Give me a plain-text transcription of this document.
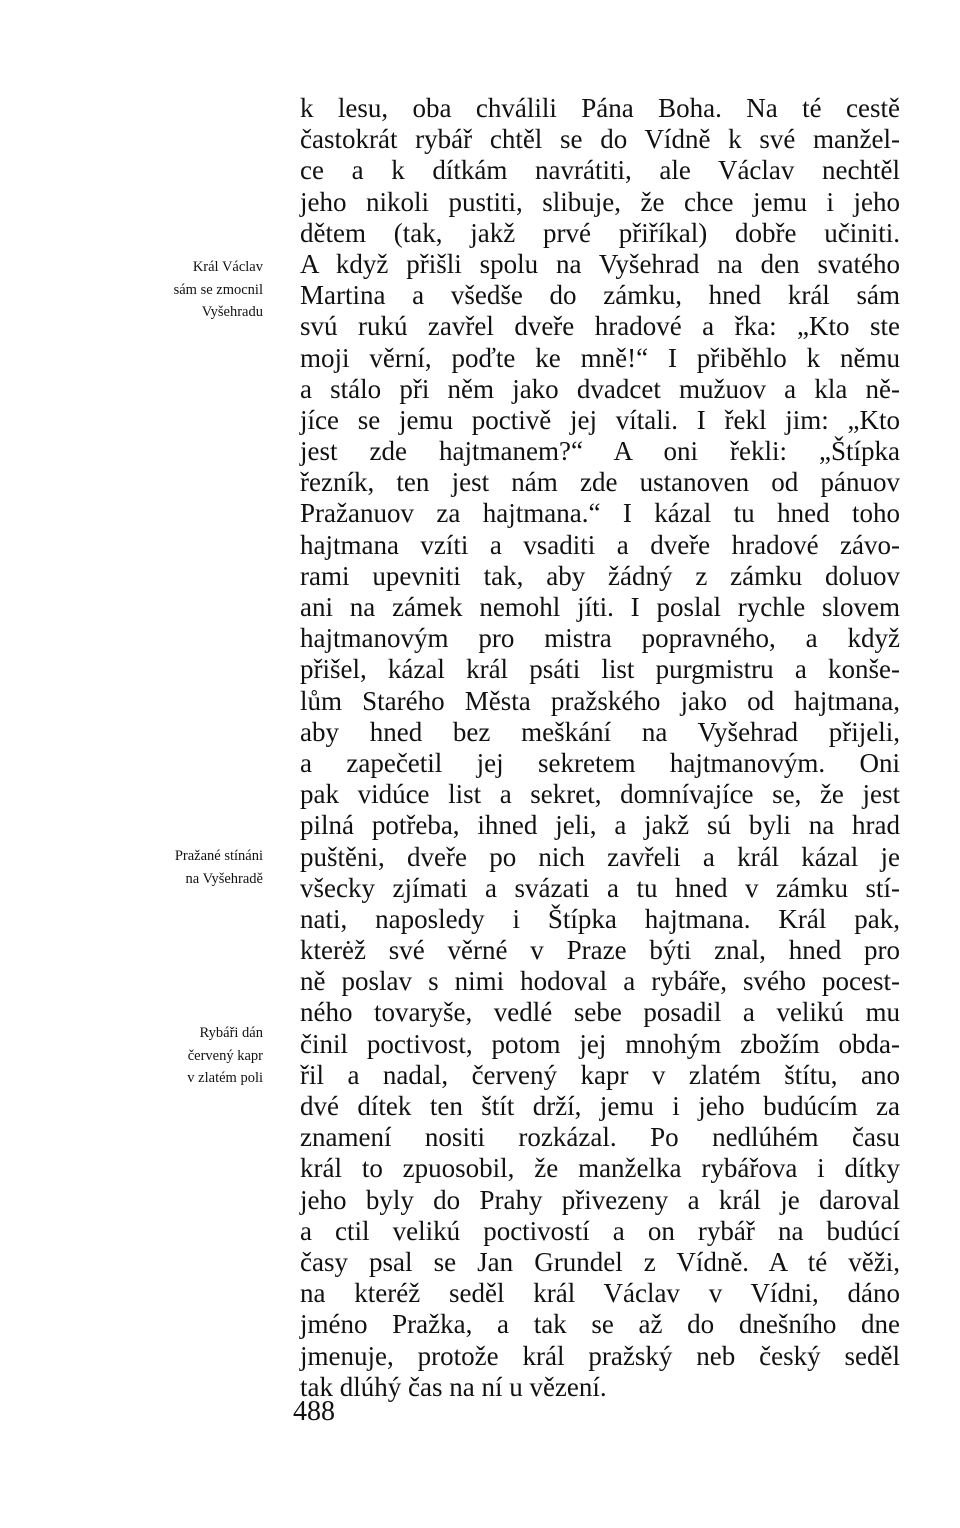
Král Václav
sám se zmocnil
Vyšehradu
Pražané stínáni
na Vyšehradě
Rybáři dán
červený kapr
v zlatém poli
k lesu, oba chválili Pána Boha. Na té cestě
častokrát rybář chtěl se do Vídně k své manžel-
ce a k dítkám navrátiti, ale Václav nechtěl
jeho nikoli pustiti, slibuje, že chce jemu i jeho
dětem (tak, jakž prvé přiříkal) dobře učiniti.
A když přišli spolu na Vyšehrad na den svatého
Martina a všedše do zámku, hned král sám
svú rukú zavřel dveře hradové a řka: „Kto ste
moji věrní, poďte ke mně!“ I přiběhlo k němu
a stálo při něm jako dvadcet mužuov a kla ně-
jíce se jemu poctivě jej vítali. I řekl jim: „Kto
jest zde hajtmanem?“ A oni řekli: „Štípka
řezník, ten jest nám zde ustanoven od pánuov
Pražanuov za hajtmana.“ I kázal tu hned toho
hajtmana vzíti a vsaditi a dveře hradové závo-
rami upevniti tak, aby žádný z zámku doluov
ani na zámek nemohl jíti. I poslal rychle slovem
hajtmanovým pro mistra popravného, a když
přišel, kázal král psáti list purgmistru a konše-
lům Starého Města pražského jako od hajtmana,
aby hned bez meškání na Vyšehrad přijeli,
a zapečetil jej sekretem hajtmanovým. Oni
pak vidúce list a sekret, domnívajíce se, že jest
pilná potřeba, ihned jeli, a jakž sú byli na hrad
puštěni, dveře po nich zavřeli a král kázal je
všecky zjímati a svázati a tu hned v zámku stí-
nati, naposledy i Štípka hajtmana. Král pak,
kterėž své věrné v Praze býti znal, hned pro
ně poslav s nimi hodoval a rybáře, svého pocest-
ného tovaryše, vedlé sebe posadil a velikú mu
činil poctivost, potom jej mnohým zbožím obda-
řil a nadal, červený kapr v zlatém štítu, ano
dvé dítek ten štít drží, jemu i jeho budúcím za
znamení nositi rozkázal. Po nedlúhém času
král to zpuosobil, že manželka rybářova i dítky
jeho byly do Prahy přivezeny a král je daroval
a ctil velikú poctivostí a on rybář na budúcí
časy psal se Jan Grundel z Vídně. A té věži,
na kteréž seděl král Václav v Vídni, dáno
jméno Pražka, a tak se až do dnešního dne
jmenuje, protože král pražský neb český seděl
tak dlúhý čas na ní u vězení.
488
